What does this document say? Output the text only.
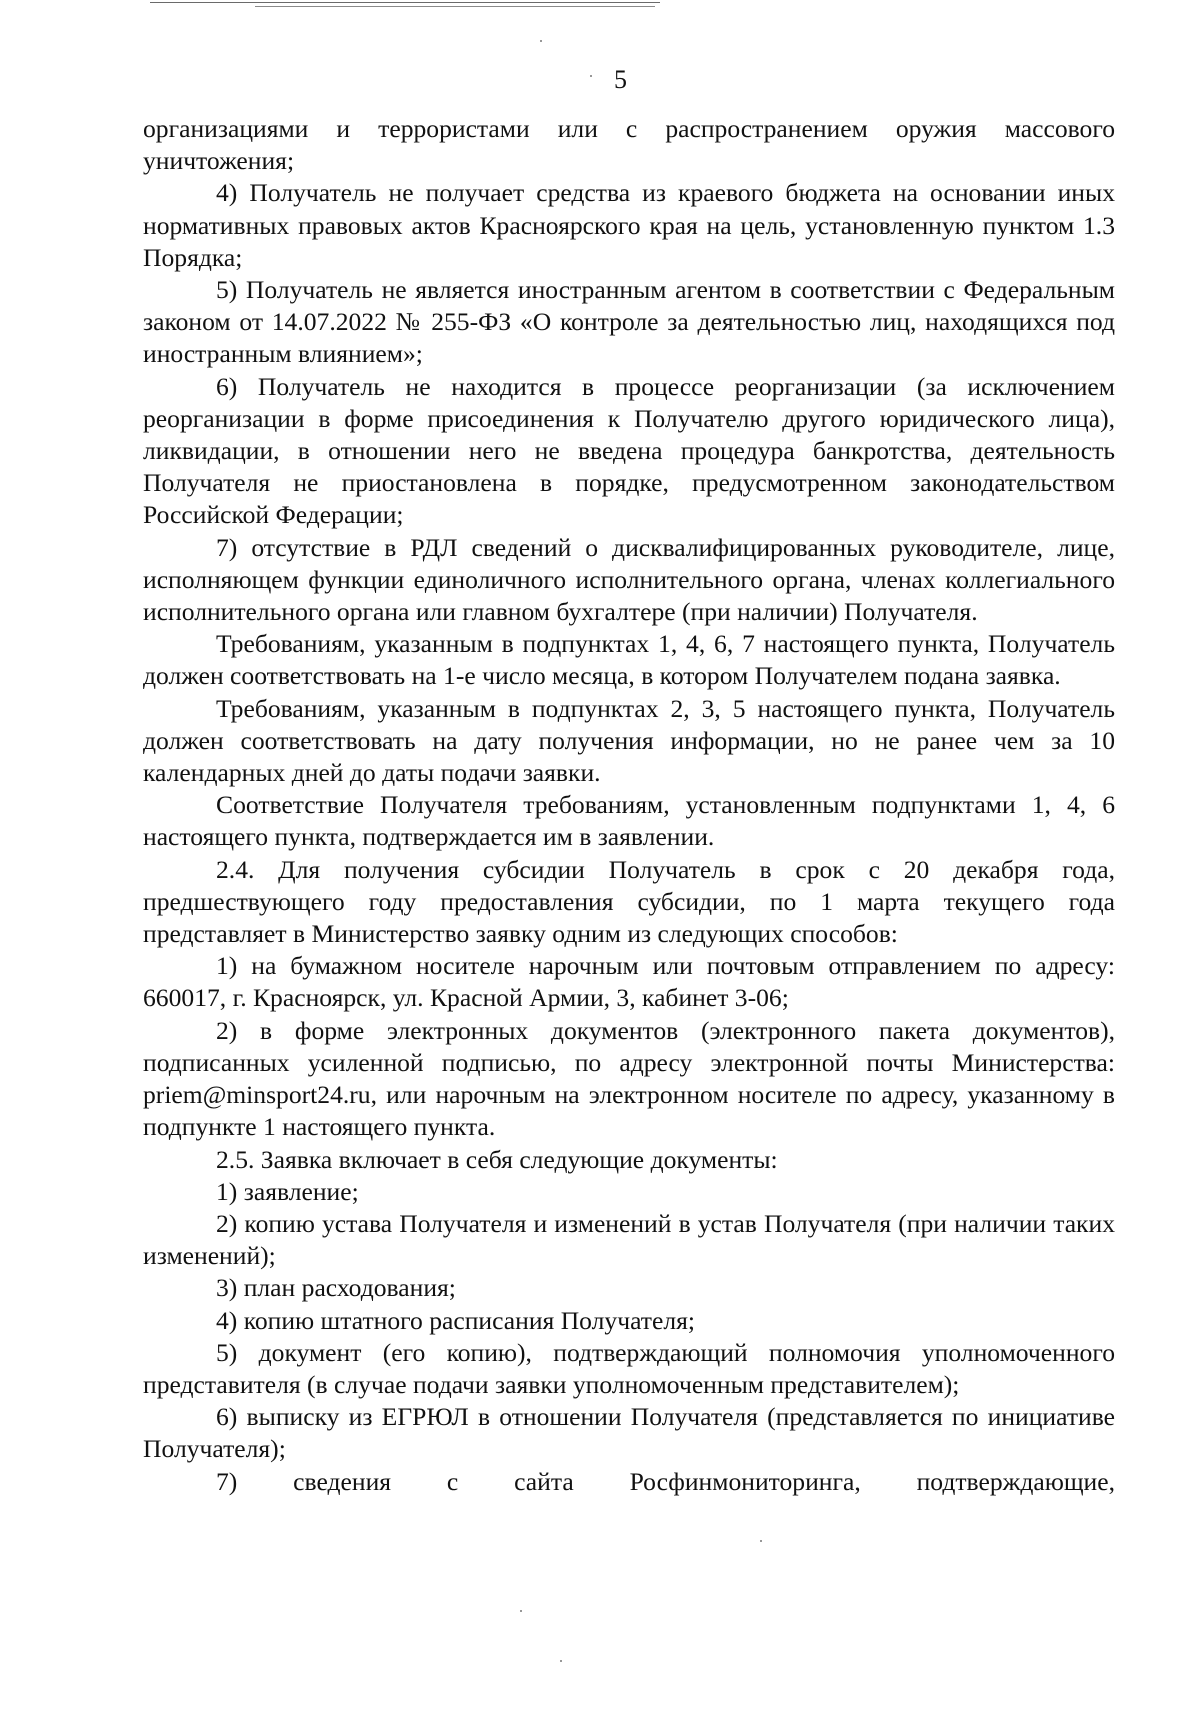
5

организациями и террористами или с распространением оружия массового уничтожения;

4) Получатель не получает средства из краевого бюджета на основании иных нормативных правовых актов Красноярского края на цель, установленную пунктом 1.3 Порядка;

5) Получатель не является иностранным агентом в соответствии с Федеральным законом от 14.07.2022 № 255-ФЗ «О контроле за деятельностью лиц, находящихся под иностранным влиянием»;

6) Получатель не находится в процессе реорганизации (за исключением реорганизации в форме присоединения к Получателю другого юридического лица), ликвидации, в отношении него не введена процедура банкротства, деятельность Получателя не приостановлена в порядке, предусмотренном законодательством Российской Федерации;

7) отсутствие в РДЛ сведений о дисквалифицированных руководителе, лице, исполняющем функции единоличного исполнительного органа, членах коллегиального исполнительного органа или главном бухгалтере (при наличии) Получателя.

Требованиям, указанным в подпунктах 1, 4, 6, 7 настоящего пункта, Получатель должен соответствовать на 1-е число месяца, в котором Получателем подана заявка.

Требованиям, указанным в подпунктах 2, 3, 5 настоящего пункта, Получатель должен соответствовать на дату получения информации, но не ранее чем за 10 календарных дней до даты подачи заявки.

Соответствие Получателя требованиям, установленным подпунктами 1, 4, 6 настоящего пункта, подтверждается им в заявлении.

2.4. Для получения субсидии Получатель в срок с 20 декабря года, предшествующего году предоставления субсидии, по 1 марта текущего года представляет в Министерство заявку одним из следующих способов:

1) на бумажном носителе нарочным или почтовым отправлением по адресу: 660017, г. Красноярск, ул. Красной Армии, 3, кабинет 3-06;

2) в форме электронных документов (электронного пакета документов), подписанных усиленной подписью, по адресу электронной почты Министерства: priem@minsport24.ru, или нарочным на электронном носителе по адресу, указанному в подпункте 1 настоящего пункта.

2.5. Заявка включает в себя следующие документы:

1) заявление;

2) копию устава Получателя и изменений в устав Получателя (при наличии таких изменений);

3) план расходования;

4) копию штатного расписания Получателя;

5) документ (его копию), подтверждающий полномочия уполномоченного представителя (в случае подачи заявки уполномоченным представителем);

6) выписку из ЕГРЮЛ в отношении Получателя (представляется по инициативе Получателя);

7) сведения с сайта Росфинмониторинга, подтверждающие,
